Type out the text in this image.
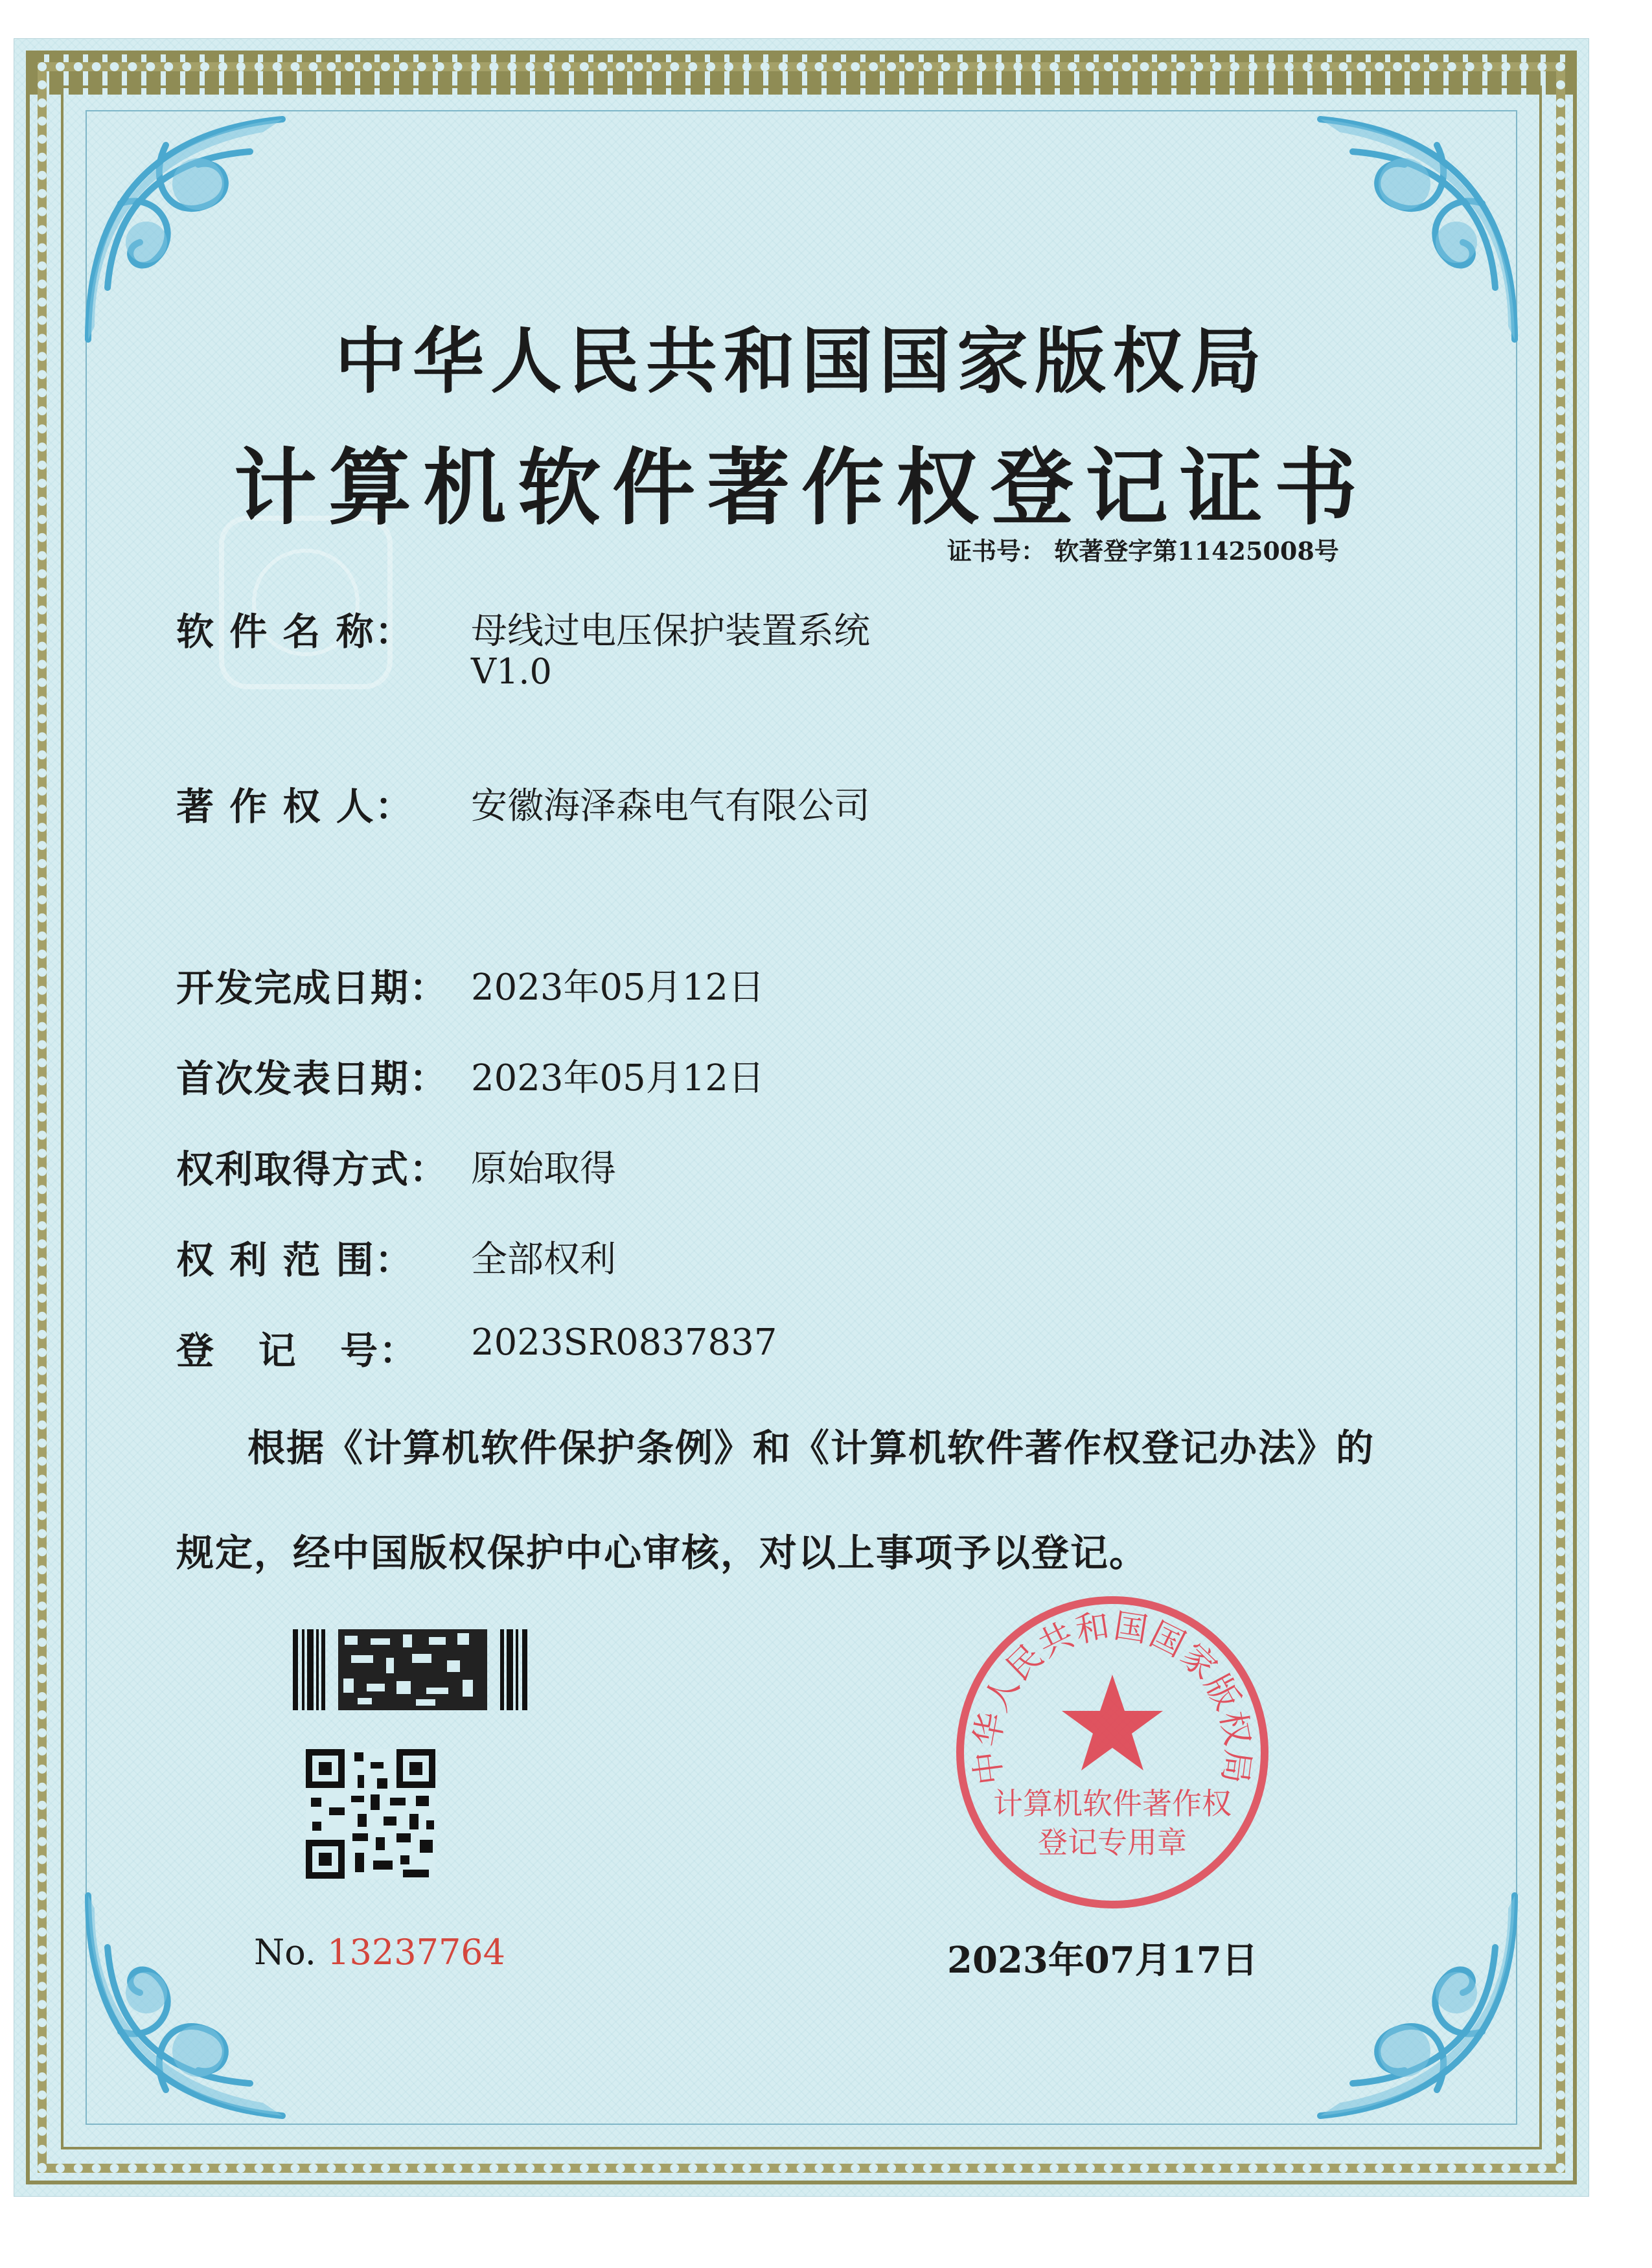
中华人民共和国国家版权局
计算机软件著作权登记证书
证书号： 软著登字第11425008号
软 件 名 称： 母线过电压保护装置系统
V1.0
著 作 权 人： 安徽海泽森电气有限公司
开发完成日期： 2023年05月12日
首次发表日期： 2023年05月12日
权利取得方式： 原始取得
权 利 范 围： 全部权利
登   记   号： 2023SR0837837
根据《计算机软件保护条例》和《计算机软件著作权登记办法》的
规定，经中国版权保护中心审核，对以上事项予以登记。
No. 13237764
中华人民共和国国家版权局
计算机软件著作权
登记专用章
2023年07月17日
